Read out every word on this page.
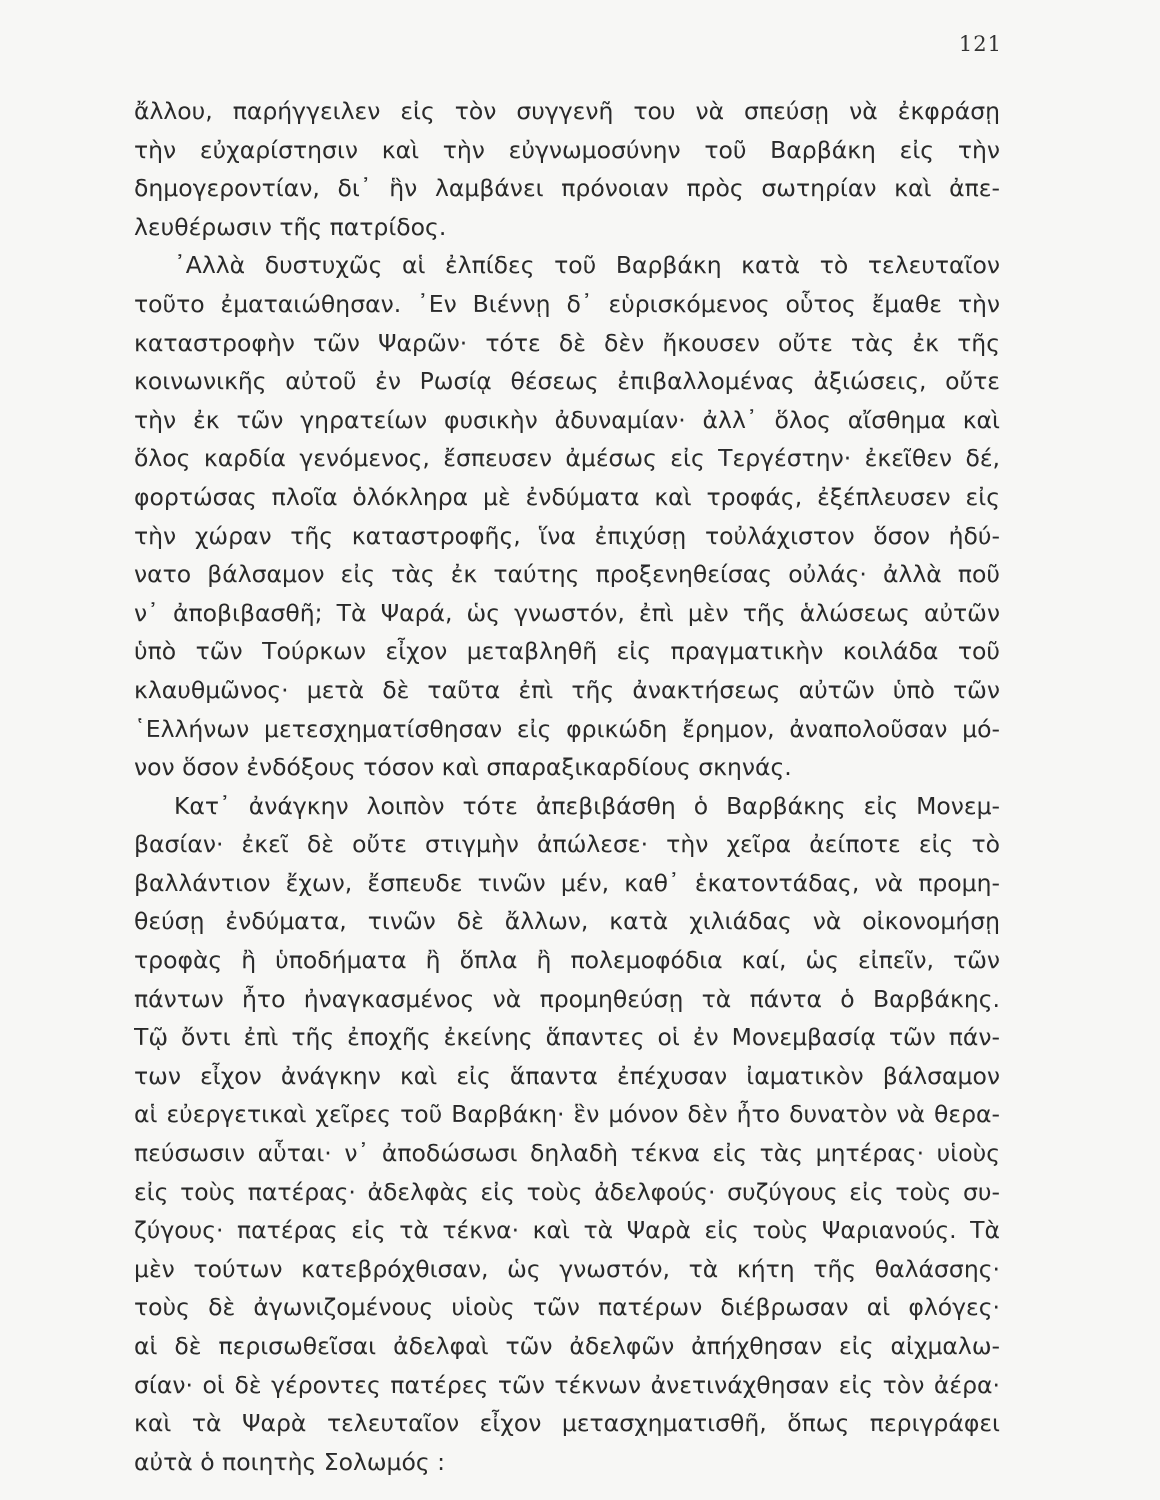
121
ἄλλου, παρήγγειλεν εἰς τὸν συγγενῆ του νὰ σπεύσῃ νὰ ἐκφράσῃ
τὴν εὐχαρίστησιν καὶ τὴν εὐγνωμοσύνην τοῦ Βαρβάκη εἰς τὴν
δημογεροντίαν, δι᾽ ἣν λαμβάνει πρόνοιαν πρὸς σωτηρίαν καὶ ἀπε-
λευθέρωσιν τῆς πατρίδος.
᾿Αλλὰ δυστυχῶς αἱ ἐλπίδες τοῦ Βαρβάκη κατὰ τὸ τελευταῖον
τοῦτο ἐματαιώθησαν. ᾿Εν Βιέννῃ δ᾽ εὑρισκόμενος οὗτος ἔμαθε τὴν
καταστροφὴν τῶν Ψαρῶν· τότε δὲ δὲν ἤκουσεν οὔτε τὰς ἐκ τῆς
κοινωνικῆς αὐτοῦ ἐν Ρωσίᾳ θέσεως ἐπιβαλλομένας ἀξιώσεις, οὔτε
τὴν ἐκ τῶν γηρατείων φυσικὴν ἀδυναμίαν· ἀλλ᾽ ὅλος αἴσθημα καὶ
ὅλος καρδία γενόμενος, ἔσπευσεν ἀμέσως εἰς Τεργέστην· ἐκεῖθεν δέ,
φορτώσας πλοῖα ὁλόκληρα μὲ ἐνδύματα καὶ τροφάς, ἐξέπλευσεν εἰς
τὴν χώραν τῆς καταστροφῆς, ἵνα ἐπιχύσῃ τοὐλάχιστον ὅσον ἠδύ-
νατο βάλσαμον εἰς τὰς ἐκ ταύτης προξενηθείσας οὐλάς· ἀλλὰ ποῦ
ν᾽ ἀποβιβασθῆ; Τὰ Ψαρά, ὡς γνωστόν, ἐπὶ μὲν τῆς ἁλώσεως αὐτῶν
ὑπὸ τῶν Τούρκων εἶχον μεταβληθῆ εἰς πραγματικὴν κοιλάδα τοῦ
κλαυθμῶνος· μετὰ δὲ ταῦτα ἐπὶ τῆς ἀνακτήσεως αὐτῶν ὑπὸ τῶν
῾Ελλήνων μετεσχηματίσθησαν εἰς φρικώδη ἔρημον, ἀναπολοῦσαν μό-
νον ὅσον ἐνδόξους τόσον καὶ σπαραξικαρδίους σκηνάς.
Κατ᾽ ἀνάγκην λοιπὸν τότε ἀπεβιβάσθη ὁ Βαρβάκης εἰς Μονεμ-
βασίαν· ἐκεῖ δὲ οὔτε στιγμὴν ἀπώλεσε· τὴν χεῖρα ἀείποτε εἰς τὸ
βαλλάντιον ἔχων, ἔσπευδε τινῶν μέν, καθ᾽ ἑκατοντάδας, νὰ προμη-
θεύσῃ ἐνδύματα, τινῶν δὲ ἄλλων, κατὰ χιλιάδας νὰ οἰκονομήσῃ
τροφὰς ἢ ὑποδήματα ἢ ὅπλα ἢ πολεμοφόδια καί, ὡς εἰπεῖν, τῶν
πάντων ἦτο ἠναγκασμένος νὰ προμηθεύσῃ τὰ πάντα ὁ Βαρβάκης.
Τῷ ὄντι ἐπὶ τῆς ἐποχῆς ἐκείνης ἅπαντες οἱ ἐν Μονεμβασίᾳ τῶν πάν-
των εἶχον ἀνάγκην καὶ εἰς ἅπαντα ἐπέχυσαν ἰαματικὸν βάλσαμον
αἱ εὐεργετικαὶ χεῖρες τοῦ Βαρβάκη· ἓν μόνον δὲν ἦτο δυνατὸν νὰ θερα-
πεύσωσιν αὗται· ν᾽ ἀποδώσωσι δηλαδὴ τέκνα εἰς τὰς μητέρας· υἱοὺς
εἰς τοὺς πατέρας· ἀδελφὰς εἰς τοὺς ἀδελφούς· συζύγους εἰς τοὺς συ-
ζύγους· πατέρας εἰς τὰ τέκνα· καὶ τὰ Ψαρὰ εἰς τοὺς Ψαριανούς. Τὰ
μὲν τούτων κατεβρόχθισαν, ὡς γνωστόν, τὰ κήτη τῆς θαλάσσης·
τοὺς δὲ ἀγωνιζομένους υἱοὺς τῶν πατέρων διέβρωσαν αἱ φλόγες·
αἱ δὲ περισωθεῖσαι ἀδελφαὶ τῶν ἀδελφῶν ἀπήχθησαν εἰς αἰχμαλω-
σίαν· οἱ δὲ γέροντες πατέρες τῶν τέκνων ἀνετινάχθησαν εἰς τὸν ἀέρα·
καὶ τὰ Ψαρὰ τελευταῖον εἶχον μετασχηματισθῆ, ὅπως περιγράφει
αὐτὰ ὁ ποιητὴς Σολωμός :
